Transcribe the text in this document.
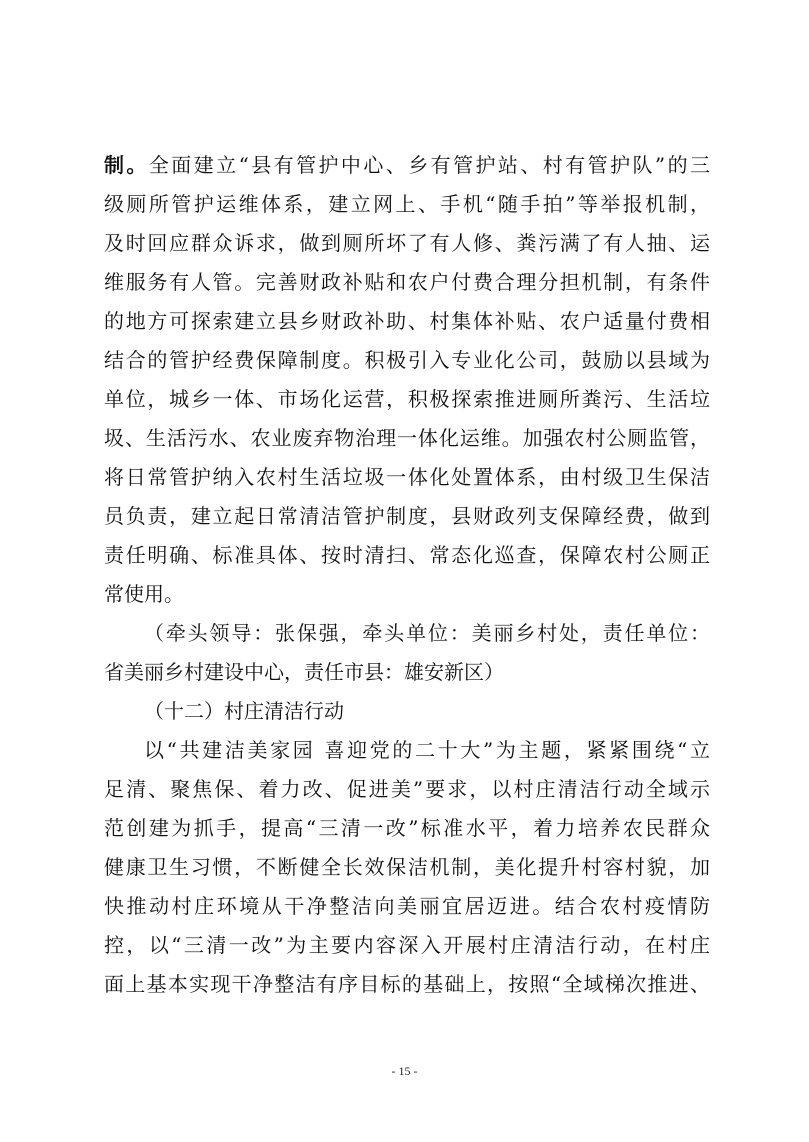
制。全面建立“县有管护中心、乡有管护站、村有管护队”的三
级厕所管护运维体系，建立网上、手机“随手拍”等举报机制，
及时回应群众诉求，做到厕所坏了有人修、粪污满了有人抽、运
维服务有人管。完善财政补贴和农户付费合理分担机制，有条件
的地方可探索建立县乡财政补助、村集体补贴、农户适量付费相
结合的管护经费保障制度。积极引入专业化公司，鼓励以县域为
单位，城乡一体、市场化运营，积极探索推进厕所粪污、生活垃
圾、生活污水、农业废弃物治理一体化运维。加强农村公厕监管，
将日常管护纳入农村生活垃圾一体化处置体系，由村级卫生保洁
员负责，建立起日常清洁管护制度，县财政列支保障经费，做到
责任明确、标准具体、按时清扫、常态化巡查，保障农村公厕正
常使用。
（牵头领导：张保强，牵头单位：美丽乡村处，责任单位：
省美丽乡村建设中心，责任市县：雄安新区）
（十二）村庄清洁行动
以“共建洁美家园 喜迎党的二十大”为主题，紧紧围绕“立
足清、聚焦保、着力改、促进美”要求，以村庄清洁行动全域示
范创建为抓手，提高“三清一改”标准水平，着力培养农民群众
健康卫生习惯，不断健全长效保洁机制，美化提升村容村貌，加
快推动村庄环境从干净整洁向美丽宜居迈进。结合农村疫情防
控，以“三清一改”为主要内容深入开展村庄清洁行动，在村庄
面上基本实现干净整洁有序目标的基础上，按照“全域梯次推进、
- 15 -
